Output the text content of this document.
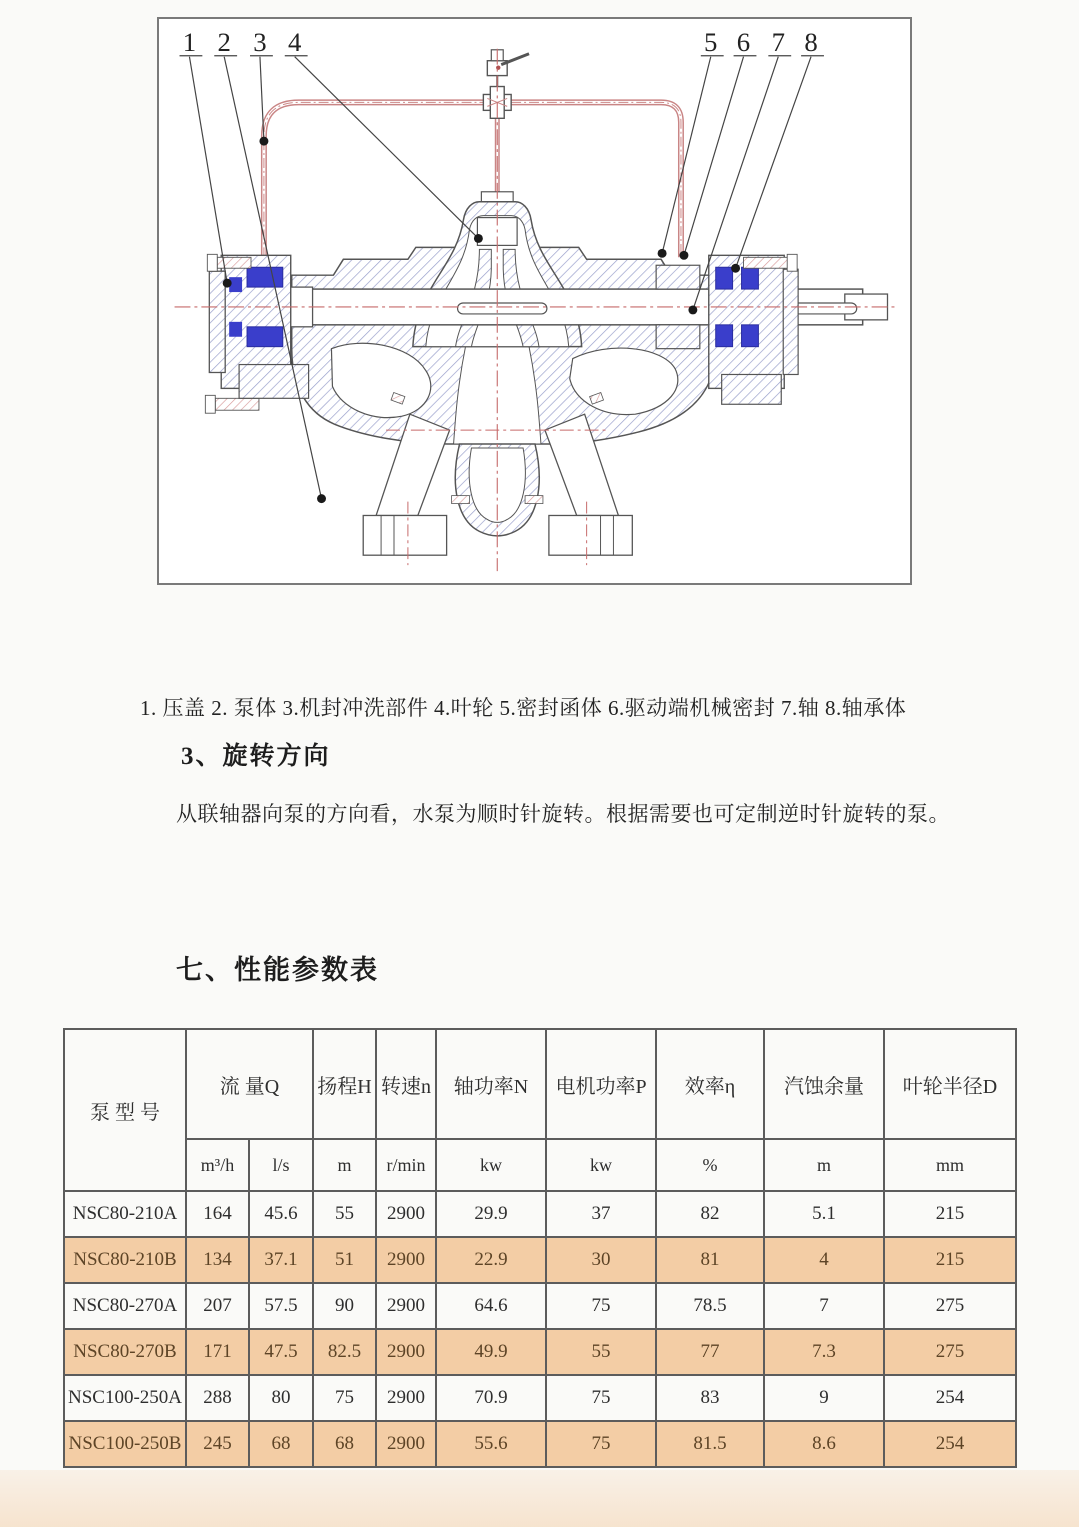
1 2 3 4	5 6 7 8
1. 压盖 2. 泵体 3.机封冲洗部件 4.叶轮 5.密封函体 6.驱动端机械密封 7.轴 8.轴承体
3、旋转方向
从联轴器向泵的方向看，水泵为顺时针旋转。根据需要也可定制逆时针旋转的泵。
七、性能参数表
泵 型 号	流 量Q		扬程H	转速n	轴功率N	电机功率P	效率η	汽蚀余量	叶轮半径D
	m³/h	l/s	m	r/min	kw	kw	%	m	mm
NSC80-210A	164	45.6	55	2900	29.9	37	82	5.1	215
NSC80-210B	134	37.1	51	2900	22.9	30	81	4	215
NSC80-270A	207	57.5	90	2900	64.6	75	78.5	7	275
NSC80-270B	171	47.5	82.5	2900	49.9	55	77	7.3	275
NSC100-250A	288	80	75	2900	70.9	75	83	9	254
NSC100-250B	245	68	68	2900	55.6	75	81.5	8.6	254
